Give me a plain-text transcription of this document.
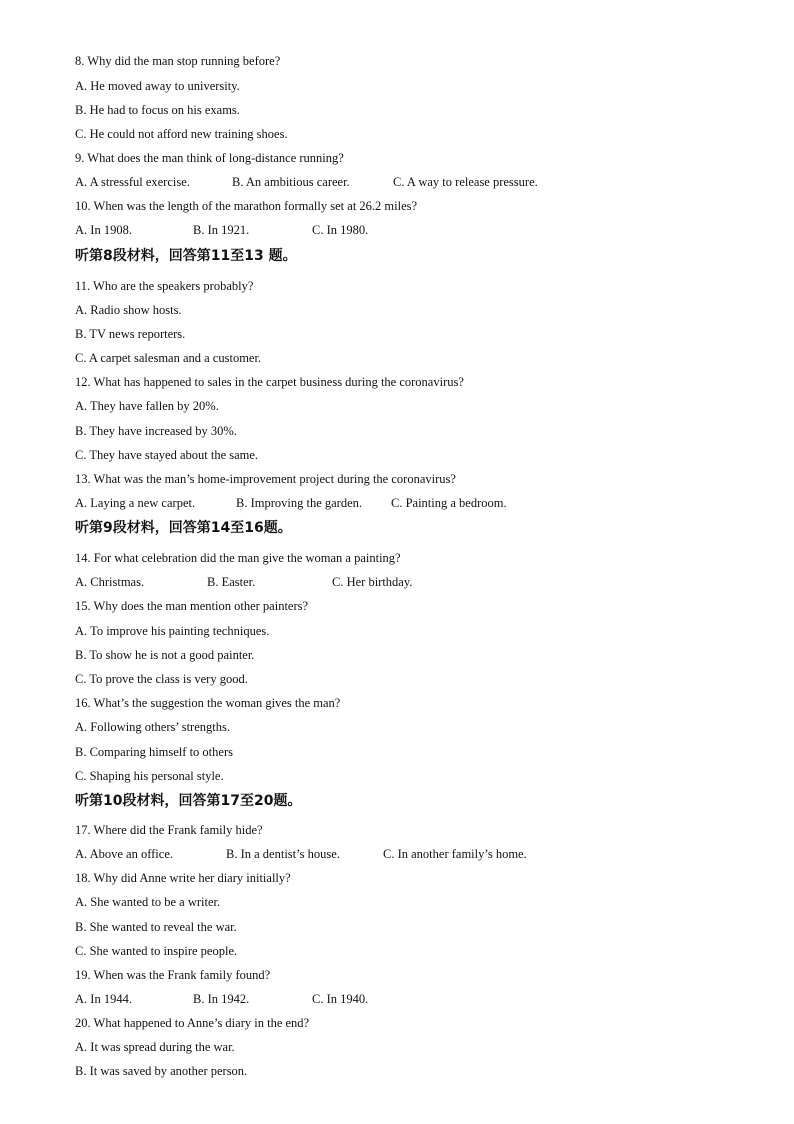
8. Why did the man stop running before?
A. He moved away to university.
B. He had to focus on his exams.
C. He could not afford new training shoes.
9. What does the man think of long-distance running?
A. A stressful exercise.	B. An ambitious career.	C. A way to release pressure.
10. When was the length of the marathon formally set at 26.2 miles?
A. In 1908.	B. In 1921.	C. In 1980.
听第8段材料，回答第11至13 题。
11. Who are the speakers probably?
A. Radio show hosts.
B. TV news reporters.
C. A carpet salesman and a customer.
12. What has happened to sales in the carpet business during the coronavirus?
A. They have fallen by 20%.
B. They have increased by 30%.
C. They have stayed about the same.
13. What was the man’s home-improvement project during the coronavirus?
A. Laying a new carpet.	B. Improving the garden. C. Painting a bedroom.
听第9段材料，回答第14至16题。
14. For what celebration did the man give the woman a painting?
A. Christmas.	B. Easter.	C. Her birthday.
15. Why does the man mention other painters?
A. To improve his painting techniques.
B. To show he is not a good painter.
C. To prove the class is very good.
16. What’s the suggestion the woman gives the man?
A. Following others’ strengths.
B. Comparing himself to others
C. Shaping his personal style.
听第10段材料，回答第17至20题。
17. Where did the Frank family hide?
A. Above an office.	B. In a dentist’s house.	C. In another family’s home.
18. Why did Anne write her diary initially?
A. She wanted to be a writer.
B. She wanted to reveal the war.
C. She wanted to inspire people.
19. When was the Frank family found?
A. In 1944.	B. In 1942.	C. In 1940.
20. What happened to Anne’s diary in the end?
A. It was spread during the war.
B. It was saved by another person.
